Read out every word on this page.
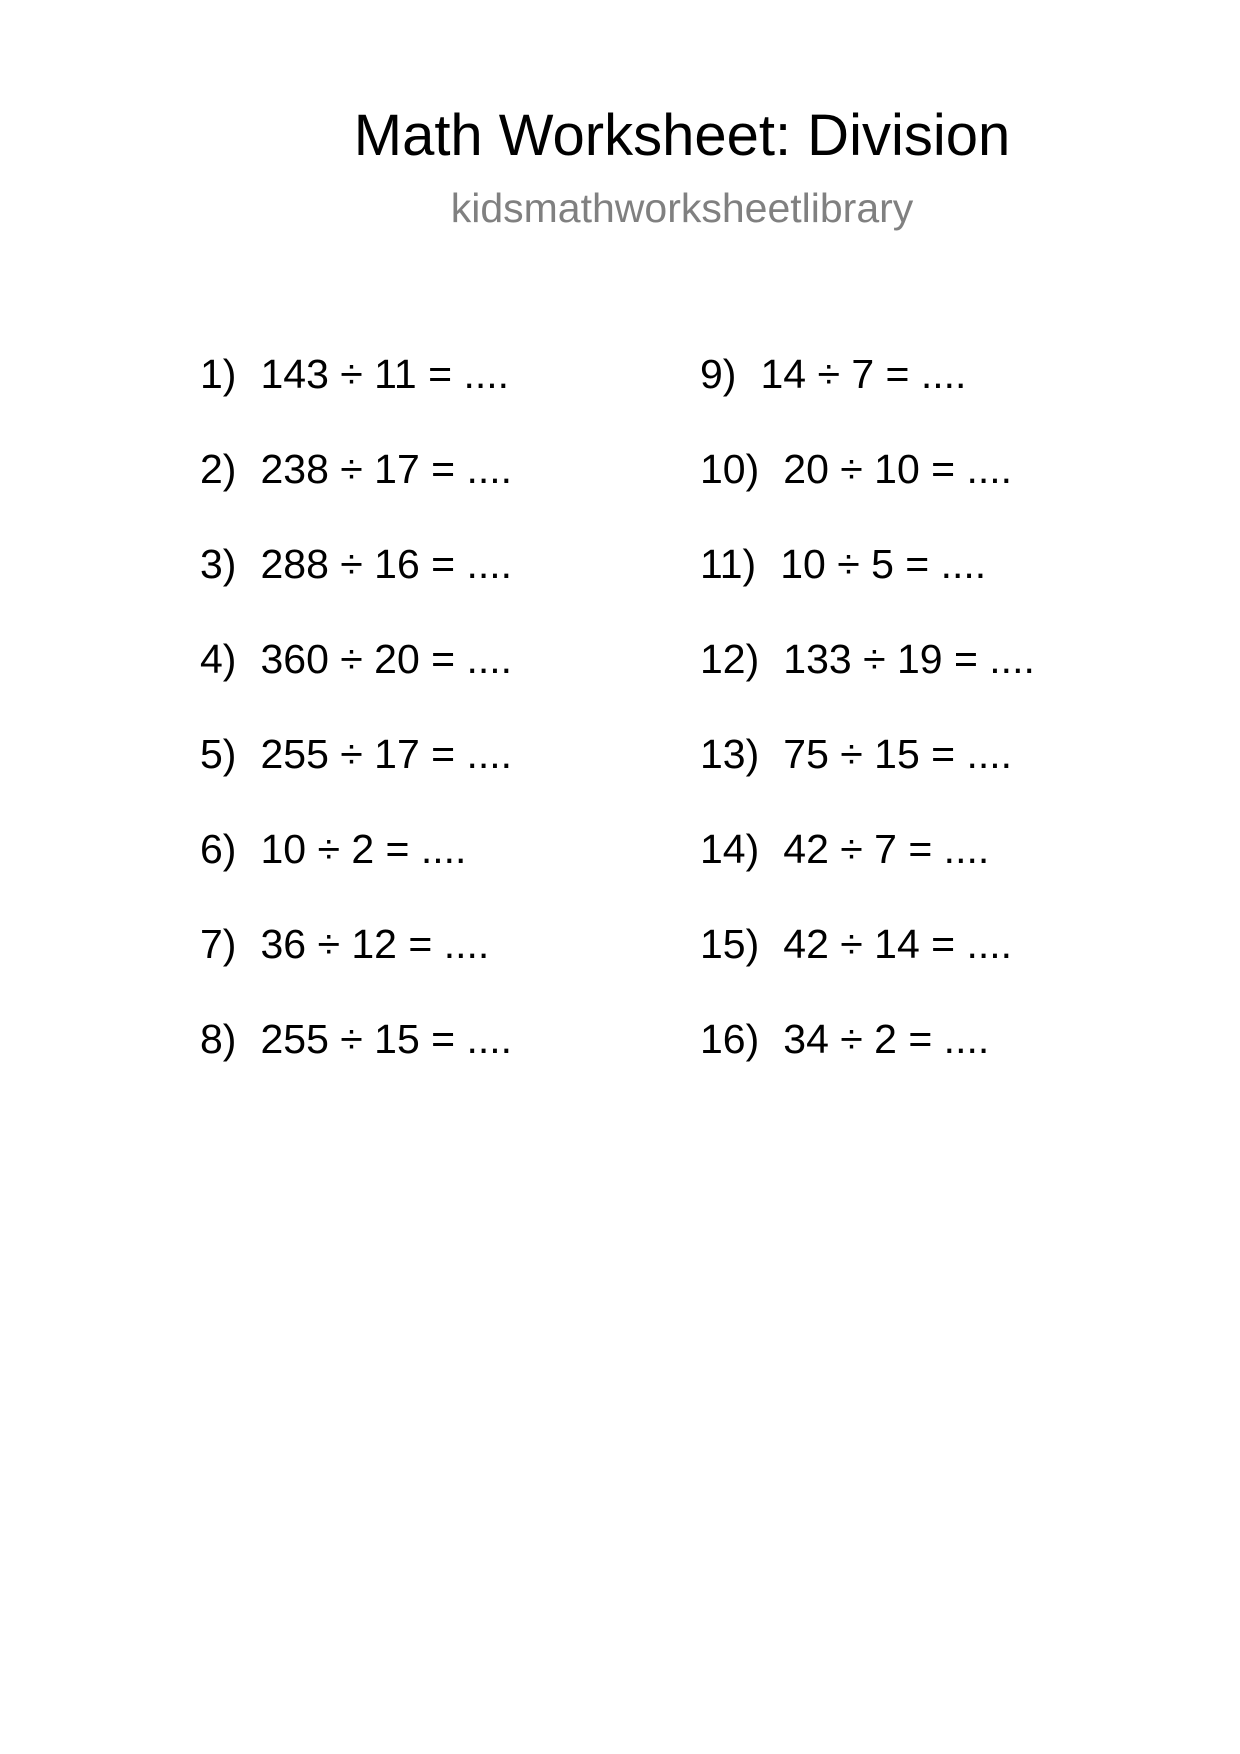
Math Worksheet: Division
kidsmathworksheetlibrary
1) 143 ÷ 11 = ....
2) 238 ÷ 17 = ....
3) 288 ÷ 16 = ....
4) 360 ÷ 20 = ....
5) 255 ÷ 17 = ....
6) 10 ÷ 2 = ....
7) 36 ÷ 12 = ....
8) 255 ÷ 15 = ....
9) 14 ÷ 7 = ....
10) 20 ÷ 10 = ....
11) 10 ÷ 5 = ....
12) 133 ÷ 19 = ....
13) 75 ÷ 15 = ....
14) 42 ÷ 7 = ....
15) 42 ÷ 14 = ....
16) 34 ÷ 2 = ....
